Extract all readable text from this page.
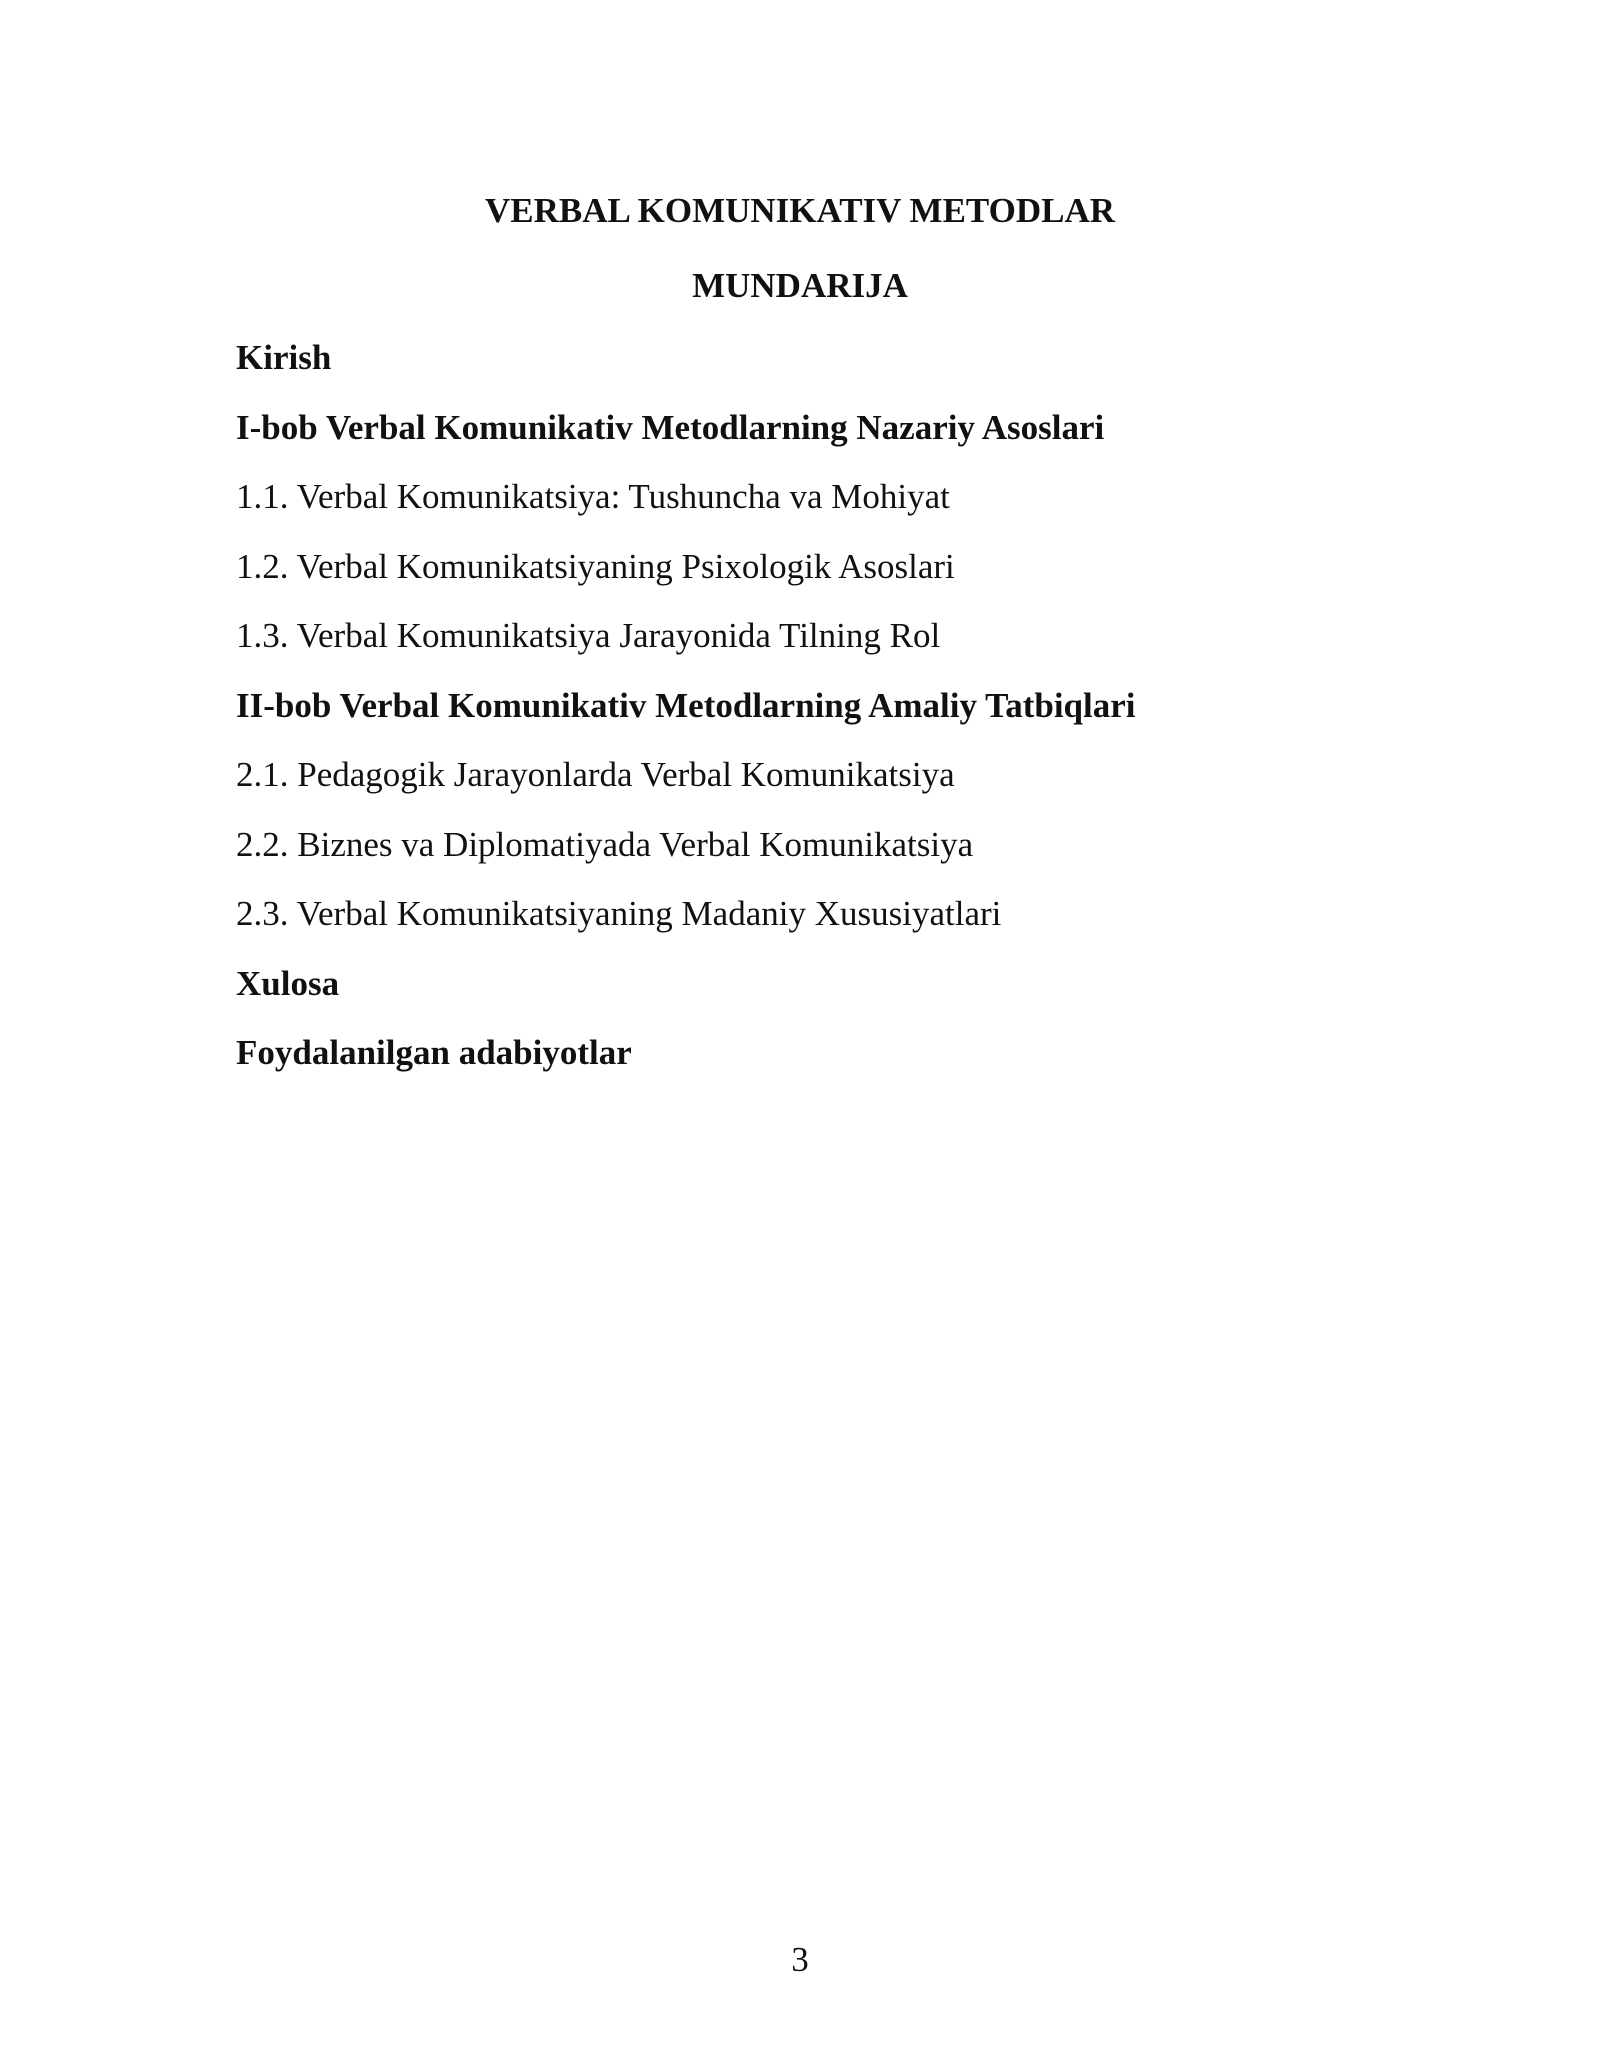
VERBAL KOMUNIKATIV METODLAR
MUNDARIJA
Kirish
I-bob Verbal Komunikativ Metodlarning Nazariy Asoslari
1.1. Verbal Komunikatsiya: Tushuncha va Mohiyat
1.2. Verbal Komunikatsiyaning Psixologik Asoslari
1.3. Verbal Komunikatsiya Jarayonida Tilning Rol
II-bob Verbal Komunikativ Metodlarning Amaliy Tatbiqlari
2.1. Pedagogik Jarayonlarda Verbal Komunikatsiya
2.2. Biznes va Diplomatiyada Verbal Komunikatsiya
2.3. Verbal Komunikatsiyaning Madaniy Xususiyatlari
Xulosa
Foydalanilgan adabiyotlar
3
